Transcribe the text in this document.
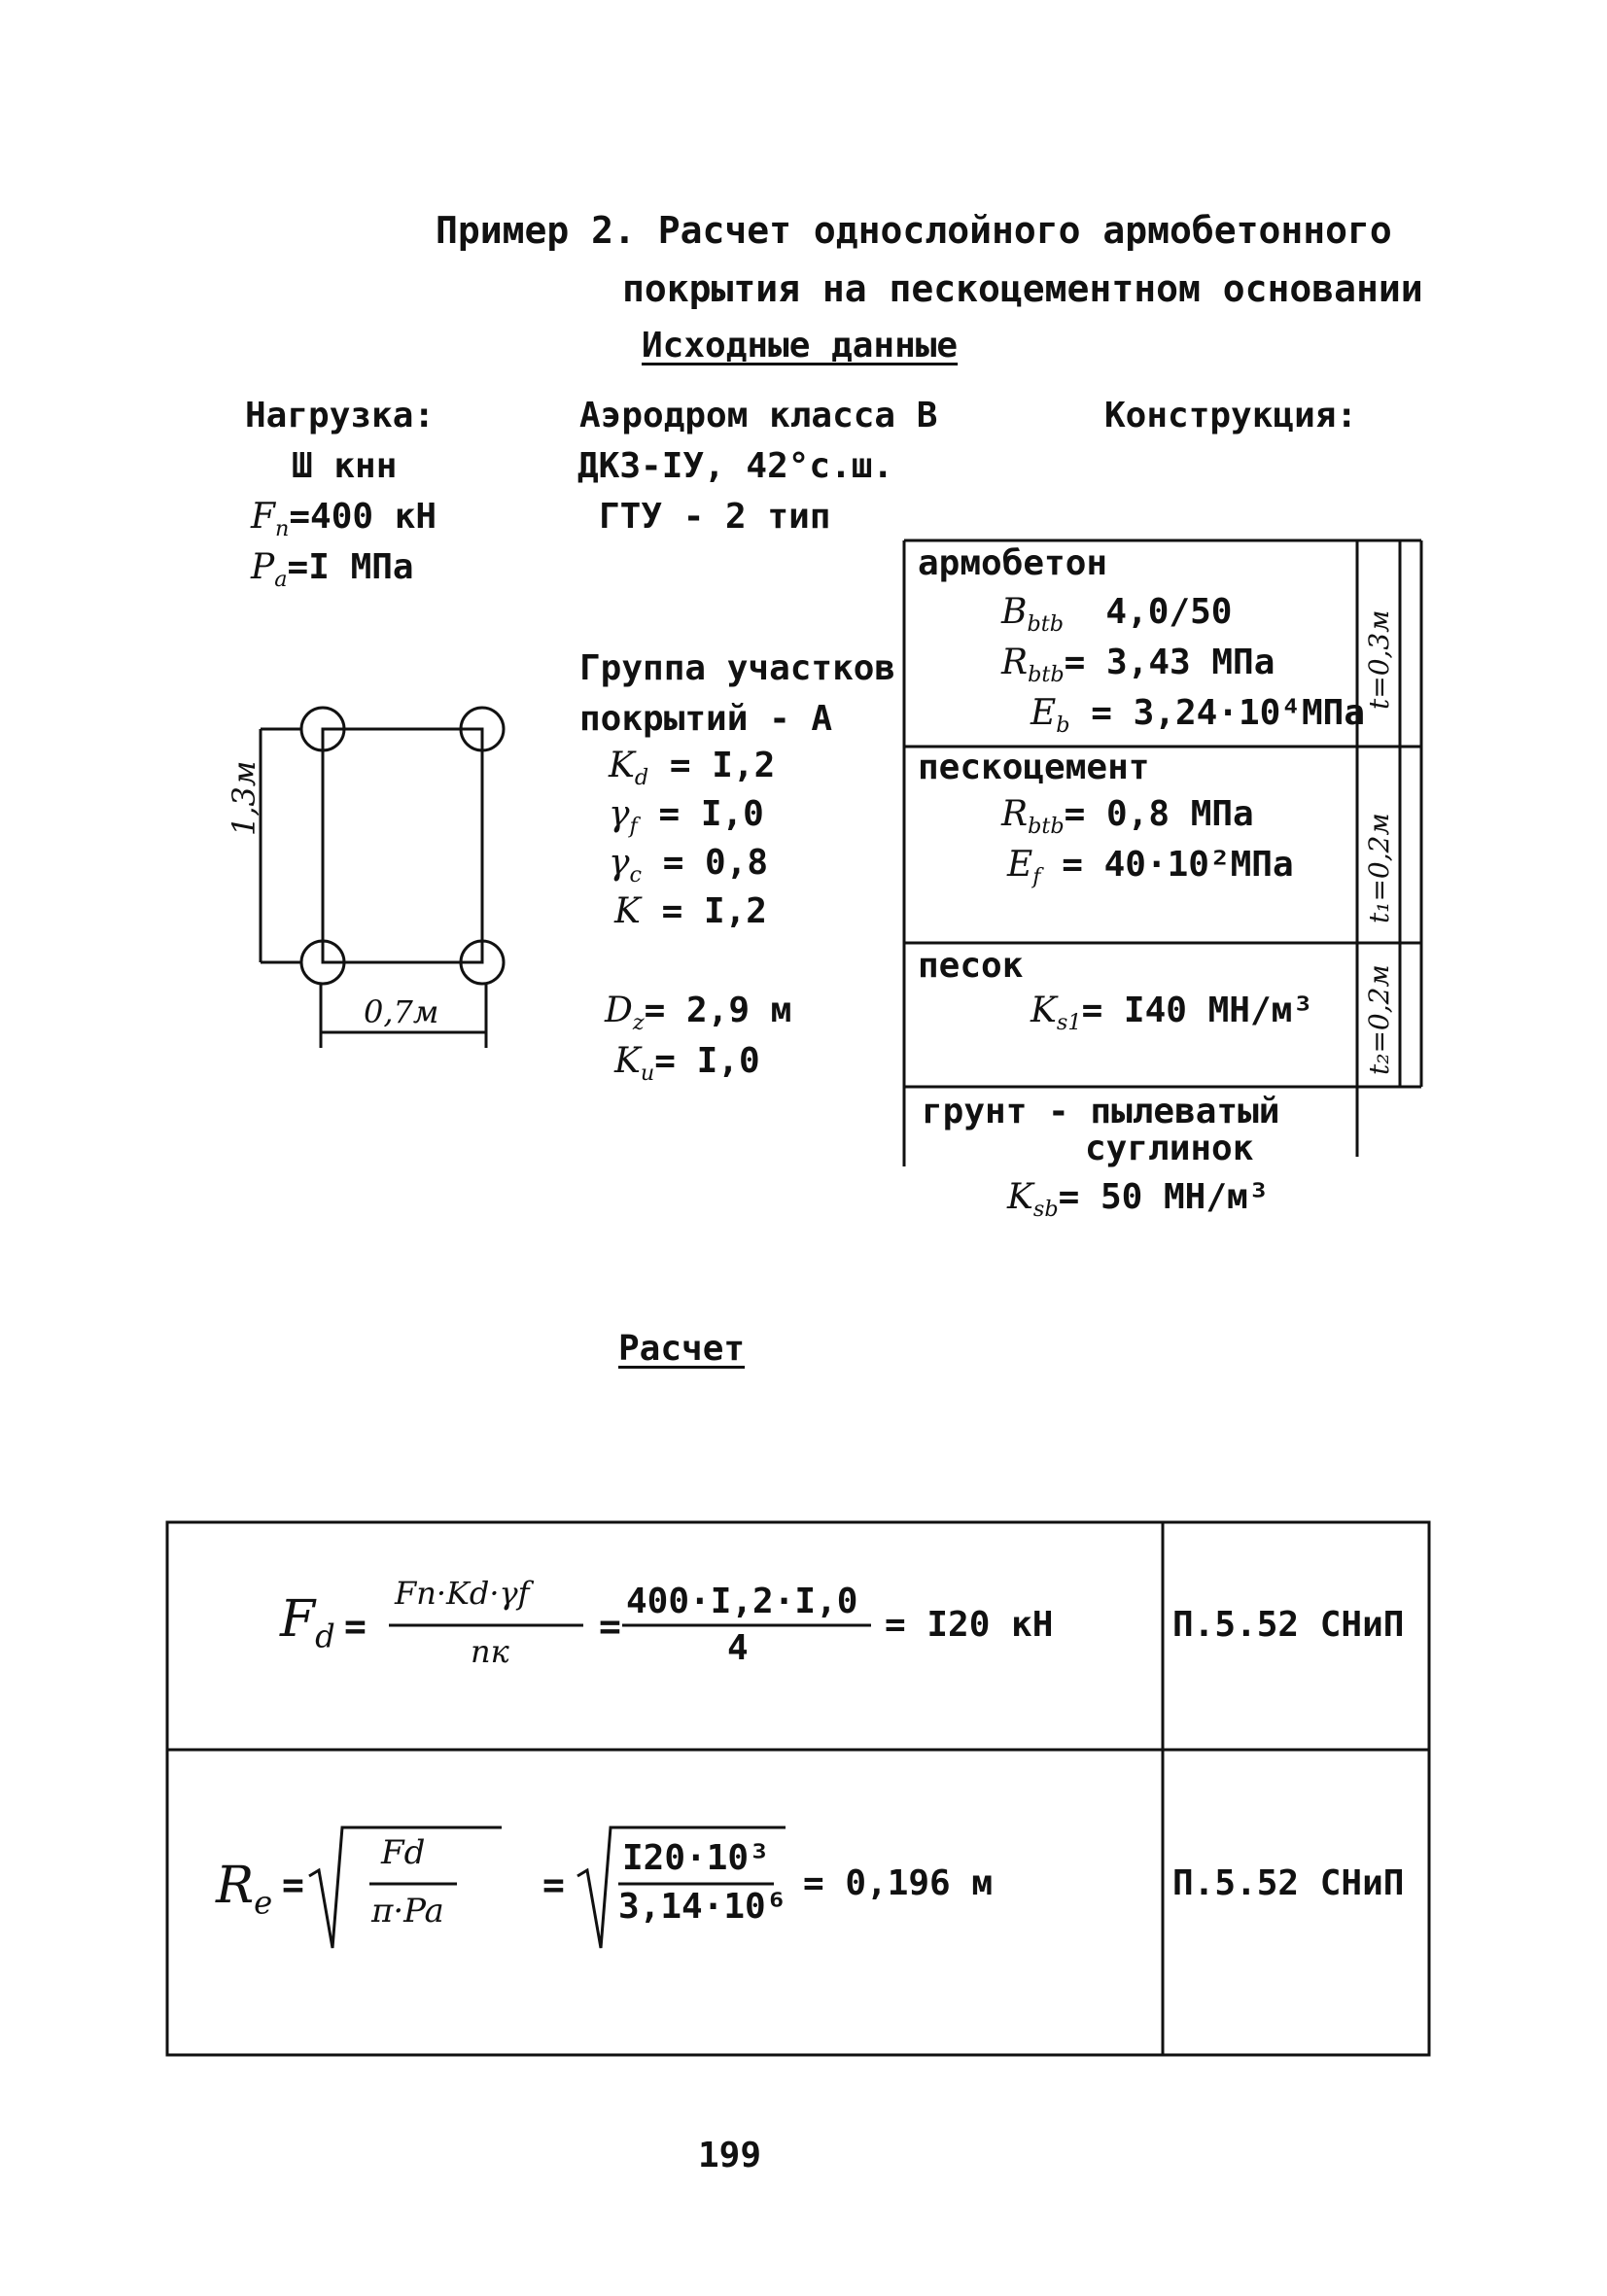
Пример 2. Расчет однослойного армобетонного
покрытия на пескоцементном основании
Исходные данные
Нагрузка:
Ш кнн
$F_n=400$ кН
$P_a=I$ МПа
1,3м
0,7м
Аэродром класса В
ДКЗ-IУ, 42°с.ш.
ГТУ - 2 тип
Группа участков
покрытий - А
$K_d = I,2$
$\gamma_f = I,0$
$\gamma_c = 0,8$
K = I,2
$D_z= 2,9$ м
$K_u= I,0$
Конструкция:
армобетон
$B_{btb}$ 4,0/50
$R_{btb}= 3,43$ МПа
$E_b = 3,24\cdot 10^4МПа$
t=0,3м
пескоцемент
$R_{btb}= 0,8$ МПа
$E_f = 40\cdot 10^2МПа$	t₁=0,2м
песок
$K_{s1}= I40$ МН/м³ t₂=0,2м
грунт - пылеватый
суглинок
$K_{sb}= 50$ МН/м³
Расчет
$F_d$ =
Fn·Kd·γf
nк
=
400·I,2·I,0
4
= I20 кН	П.5.52 СНиП
$R_e$ =
Fd
π·Pa
=
I20·10³
3,14·10⁶
= 0,196 м	П.5.52 СНиП
199
